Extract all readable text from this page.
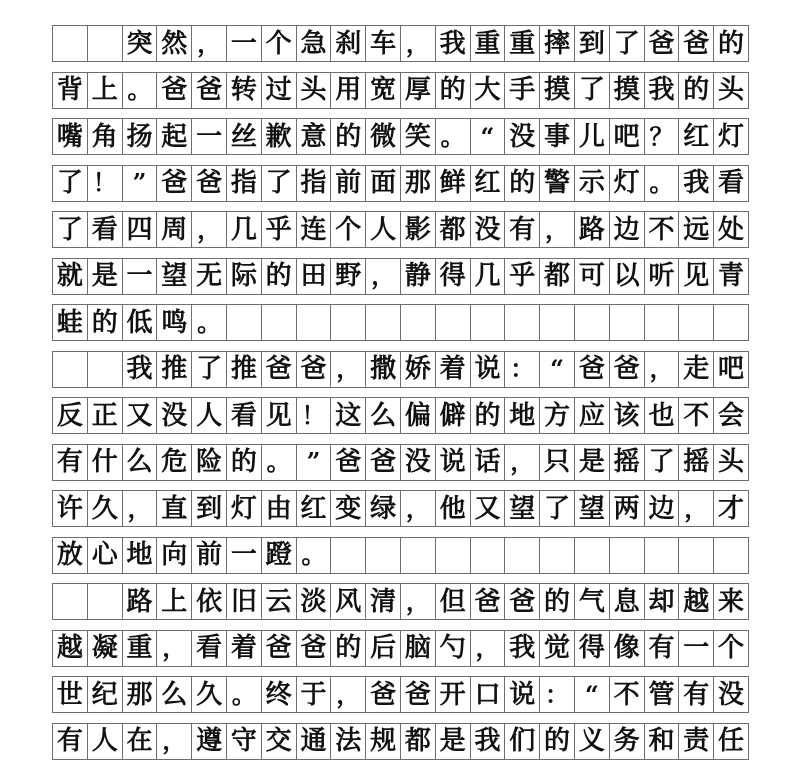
突 然 ， 一 个 急 刹 车 ， 我 重 重 摔 到 了 爸 爸 的
背 上 。 爸 爸 转 过 头 用 宽 厚 的 大 手 摸 了 摸 我 的 头
嘴 角 扬 起 一 丝 歉 意 的 微 笑 。 “ 没 事 儿 吧 ？ 红 灯
了 ！ ” 爸 爸 指 了 指 前 面 那 鲜 红 的 警 示 灯 。 我 看
了 看 四 周 ， 几 乎 连 个 人 影 都 没 有 ， 路 边 不 远 处
就 是 一 望 无 际 的 田 野 ， 静 得 几 乎 都 可 以 听 见 青
蛙 的 低 鸣 。
我 推 了 推 爸 爸 ， 撒 娇 着 说 ： “ 爸 爸 ， 走 吧
反 正 又 没 人 看 见 ！ 这 么 偏 僻 的 地 方 应 该 也 不 会
有 什 么 危 险 的 。 ” 爸 爸 没 说 话 ， 只 是 摇 了 摇 头
许 久 ， 直 到 灯 由 红 变 绿 ， 他 又 望 了 望 两 边 ， 才
放 心 地 向 前 一 蹬 。
路 上 依 旧 云 淡 风 清 ， 但 爸 爸 的 气 息 却 越 来
越 凝 重 ， 看 着 爸 爸 的 后 脑 勺 ， 我 觉 得 像 有 一 个
世 纪 那 么 久 。 终 于 ， 爸 爸 开 口 说 ： “ 不 管 有 没
有 人 在 ， 遵 守 交 通 法 规 都 是 我 们 的 义 务 和 责 任
